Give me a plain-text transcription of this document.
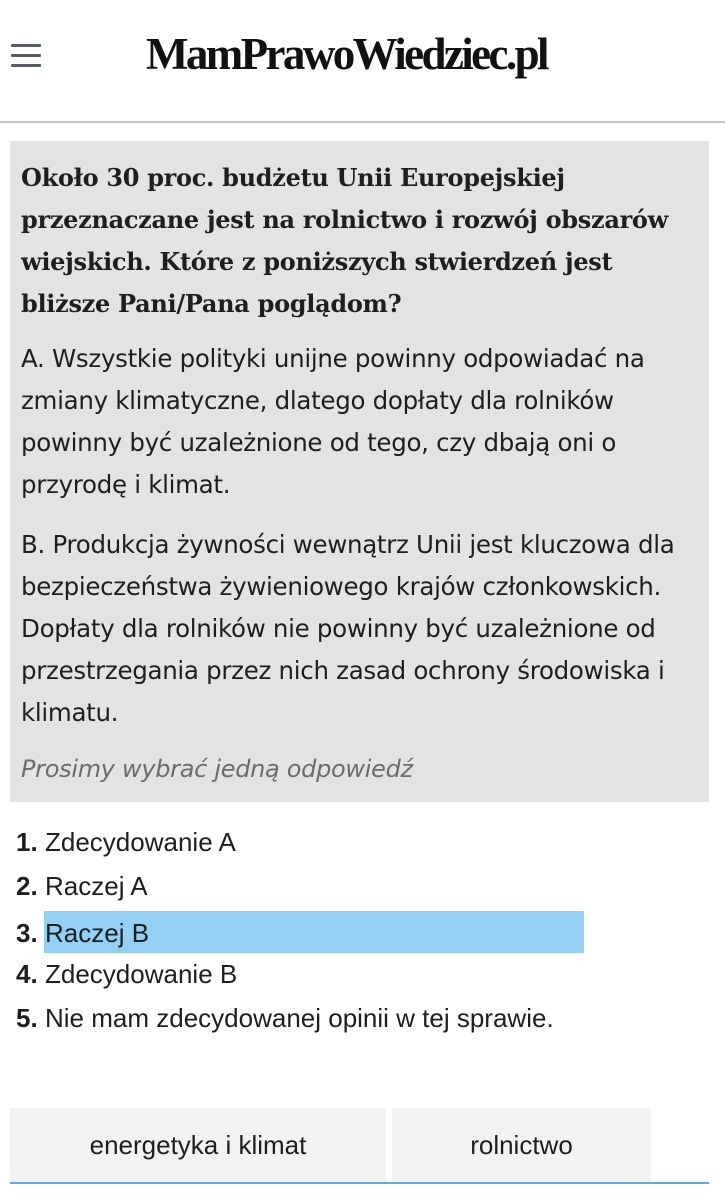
MamPrawoWiedziec.pl
Około 30 proc. budżetu Unii Europejskiej przeznaczane jest na rolnictwo i rozwój obszarów wiejskich. Które z poniższych stwierdzeń jest bliższe Pani/Pana poglądom?
A. Wszystkie polityki unijne powinny odpowiadać na zmiany klimatyczne, dlatego dopłaty dla rolników powinny być uzależnione od tego, czy dbają oni o przyrodę i klimat.
B. Produkcja żywności wewnątrz Unii jest kluczowa dla bezpieczeństwa żywieniowego krajów członkowskich. Dopłaty dla rolników nie powinny być uzależnione od przestrzegania przez nich zasad ochrony środowiska i klimatu.
Prosimy wybrać jedną odpowiedź
1. Zdecydowanie A
2. Raczej A
3. Raczej B
4. Zdecydowanie B
5. Nie mam zdecydowanej opinii w tej sprawie.
energetyka i klimat	rolnictwo
